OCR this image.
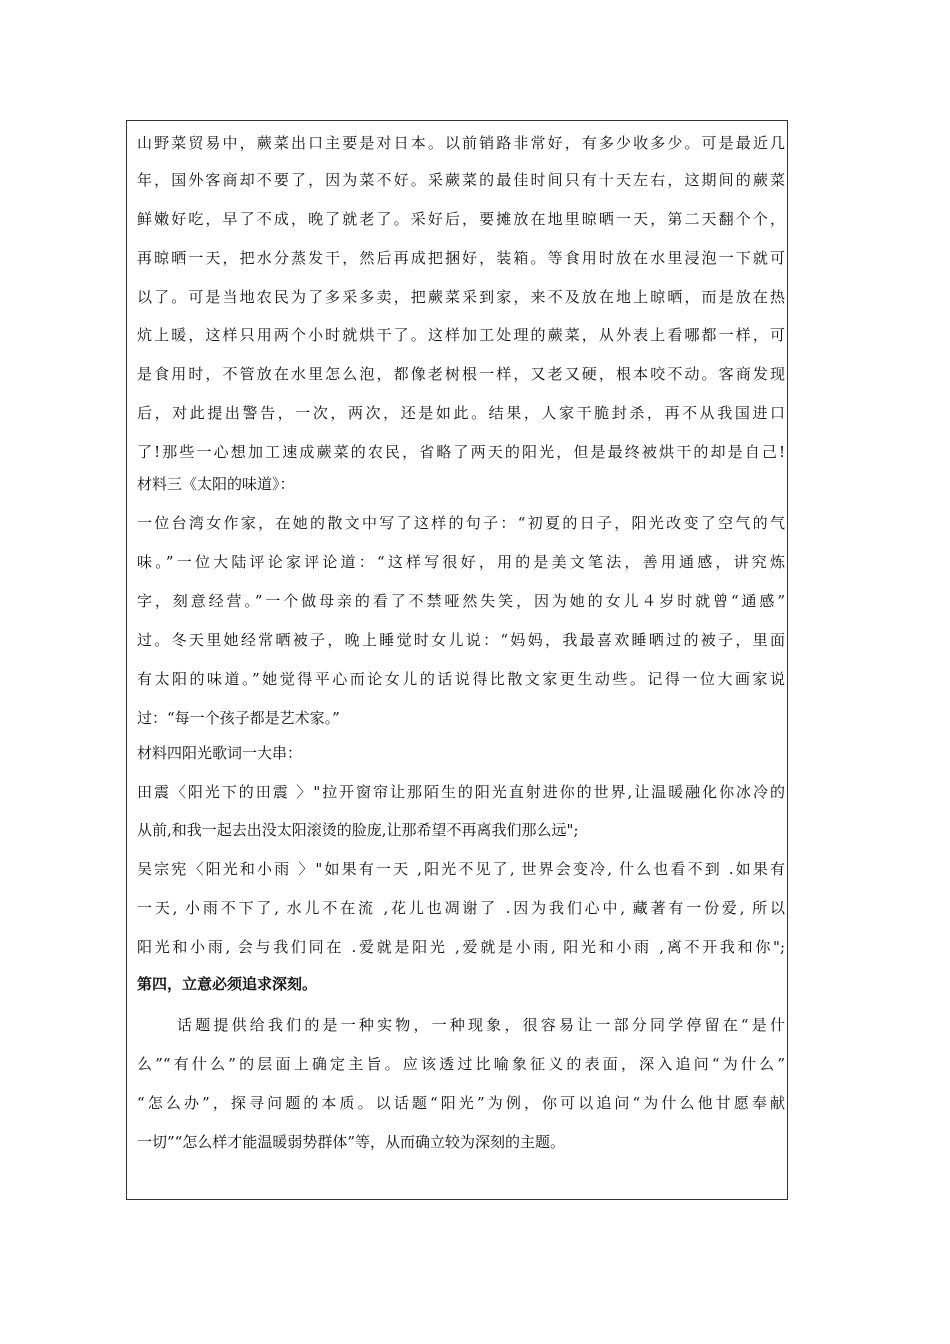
山野菜贸易中，蕨菜出口主要是对日本。以前销路非常好，有多少收多少。可是最近几
年，国外客商却不要了，因为菜不好。采蕨菜的最佳时间只有十天左右，这期间的蕨菜
鲜嫩好吃，早了不成，晚了就老了。采好后，要摊放在地里晾晒一天，第二天翻个个，
再晾晒一天，把水分蒸发干，然后再成把捆好，装箱。等食用时放在水里浸泡一下就可
以了。可是当地农民为了多采多卖，把蕨菜采到家，来不及放在地上晾晒，而是放在热
炕上暖，这样只用两个小时就烘干了。这样加工处理的蕨菜，从外表上看哪都一样，可
是食用时，不管放在水里怎么泡，都像老树根一样，又老又硬，根本咬不动。客商发现
后，对此提出警告，一次，两次，还是如此。结果，人家干脆封杀，再不从我国进口
了!那些一心想加工速成蕨菜的农民，省略了两天的阳光，但是最终被烘干的却是自己!
材料三《太阳的味道》：
一位台湾女作家，在她的散文中写了这样的句子：“初夏的日子，阳光改变了空气的气
味。”一位大陆评论家评论道：“这样写很好，用的是美文笔法，善用通感，讲究炼
字，刻意经营。”一个做母亲的看了不禁哑然失笑，因为她的女儿４岁时就曾“通感”
过。冬天里她经常晒被子，晚上睡觉时女儿说：“妈妈，我最喜欢睡晒过的被子，里面
有太阳的味道。”她觉得平心而论女儿的话说得比散文家更生动些。记得一位大画家说
过：“每一个孩子都是艺术家。”
材料四阳光歌词一大串：
田震〈阳光下的田震 〉"拉开窗帘让那陌生的阳光直射进你的世界,让温暖融化你冰冷的
从前,和我一起去出没太阳滚烫的脸庞,让那希望不再离我们那么远";
吴宗宪〈阳光和小雨 〉"如果有一天 ,阳光不见了, 世界会变冷, 什么也看不到 .如果有
一天, 小雨不下了, 水儿不在流 ,花儿也凋谢了 .因为我们心中, 藏著有一份爱, 所以
阳光和小雨, 会与我们同在 .爱就是阳光 ,爱就是小雨, 阳光和小雨 ,离不开我和你";
第四，立意必须追求深刻。
话题提供给我们的是一种实物，一种现象，很容易让一部分同学停留在“是什
么”“有什么”的层面上确定主旨。应该透过比喻象征义的表面，深入追问“为什么”
“怎么办”，探寻问题的本质。以话题“阳光”为例，你可以追问“为什么他甘愿奉献
一切”“怎么样才能温暖弱势群体”等，从而确立较为深刻的主题。
